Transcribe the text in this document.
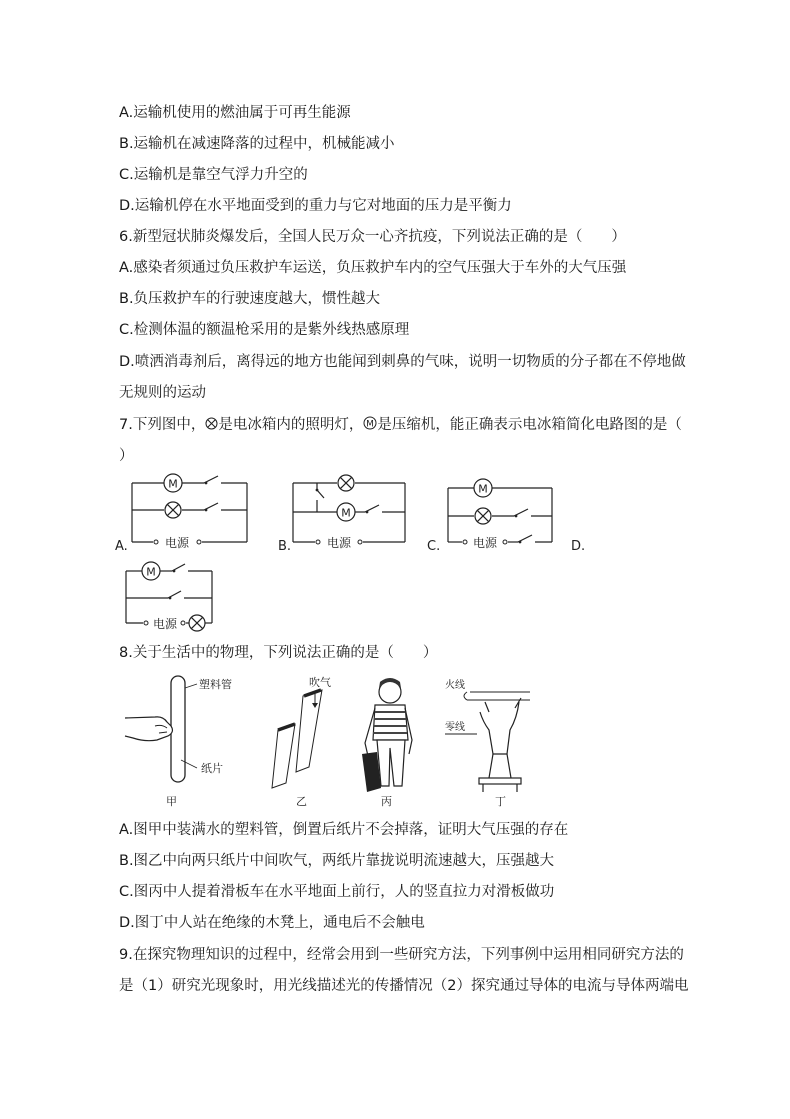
A.运输机使用的燃油属于可再生能源
B.运输机在减速降落的过程中，机械能减小
C.运输机是靠空气浮力升空的
D.运输机停在水平地面受到的重力与它对地面的压力是平衡力
6.新型冠状肺炎爆发后，全国人民万众一心齐抗疫，下列说法正确的是（　　）
A.感染者须通过负压救护车运送，负压救护车内的空气压强大于车外的大气压强
B.负压救护车的行驶速度越大，惯性越大
C.检测体温的额温枪采用的是紫外线热感原理
D.喷洒消毒剂后，离得远的地方也能闻到刺鼻的气味，说明一切物质的分子都在不停地做
无规则的运动
7.下列图中， 是电冰箱内的照明灯， M 是压缩机，能正确表示电冰箱简化电路图的是（
）
M
电源
A.
M
电源
B.
M
电源
C.	D.
M
电源
8.关于生活中的物理，下列说法正确的是（　　）
塑料管
纸片
甲
吹气
乙	丙
火线
零线
丁
A.图甲中装满水的塑料管，倒置后纸片不会掉落，证明大气压强的存在
B.图乙中向两只纸片中间吹气，两纸片靠拢说明流速越大，压强越大
C.图丙中人提着滑板车在水平地面上前行，人的竖直拉力对滑板做功
D.图丁中人站在绝缘的木凳上，通电后不会触电
9.在探究物理知识的过程中，经常会用到一些研究方法，下列事例中运用相同研究方法的
是（1）研究光现象时，用光线描述光的传播情况（2）探究通过导体的电流与导体两端电
